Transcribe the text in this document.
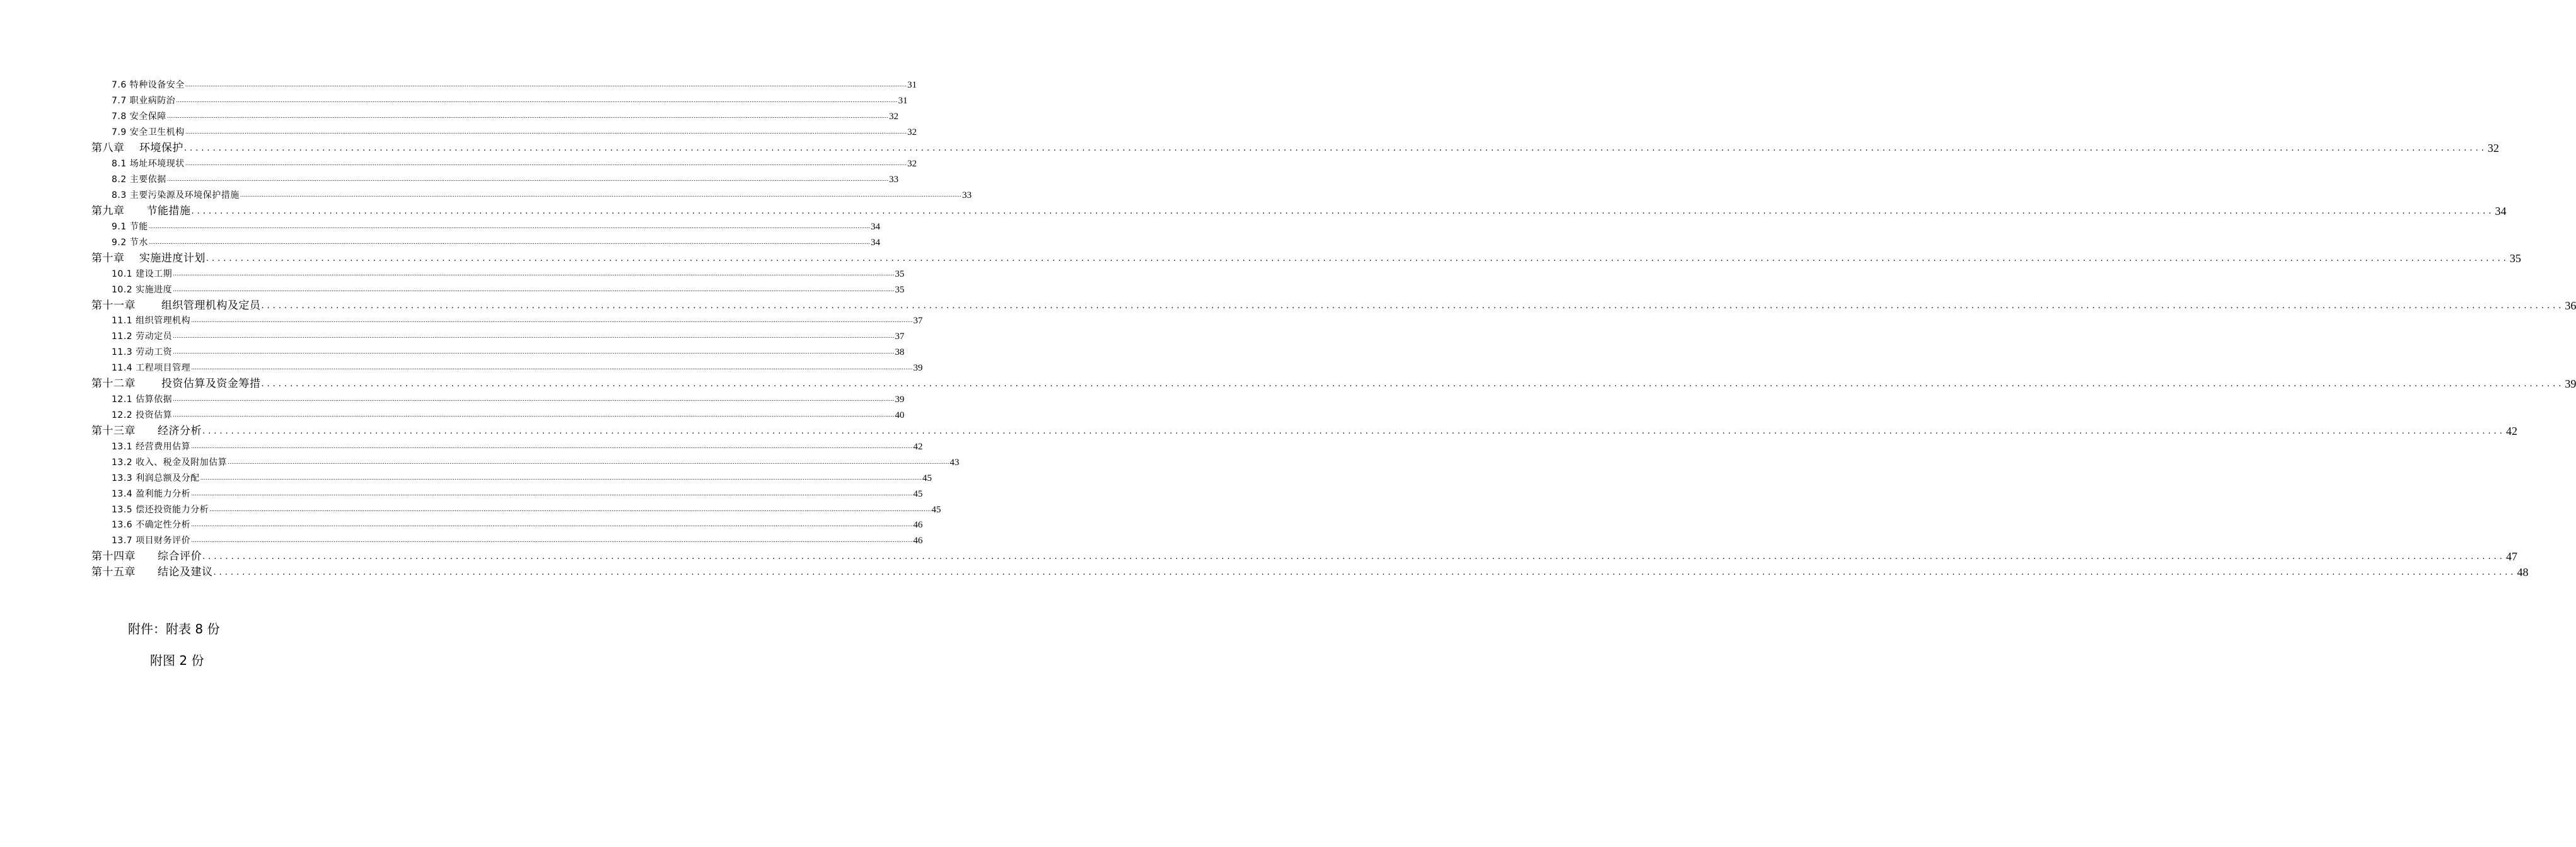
7.6 特种设备安全 ................................................................................................................................................................................................................................................................................................................................................................................................................ 31
7.7 职业病防治 ................................................................................................................................................................................................................................................................................................................................................................................................................ 31
7.8 安全保障 ................................................................................................................................................................................................................................................................................................................................................................................................................ 32
7.9 安全卫生机构 ................................................................................................................................................................................................................................................................................................................................................................................................................ 32
第八章　 环境保护 ................................................................................................................................................................................................................................................................................................................................................................................................................ 32
8.1 场址环境现状 ................................................................................................................................................................................................................................................................................................................................................................................................................ 32
8.2 主要依据 ................................................................................................................................................................................................................................................................................................................................................................................................................ 33
8.3 主要污染源及环境保护措施 ................................................................................................................................................................................................................................................................................................................................................................................................................ 33
第九章　　节能措施 ................................................................................................................................................................................................................................................................................................................................................................................................................ 34
9.1 节能 ................................................................................................................................................................................................................................................................................................................................................................................................................ 34
9.2 节水 ................................................................................................................................................................................................................................................................................................................................................................................................................ 34
第十章　 实施进度计划 ................................................................................................................................................................................................................................................................................................................................................................................................................ 35
10.1 建设工期 ................................................................................................................................................................................................................................................................................................................................................................................................................ 35
10.2 实施进度 ................................................................................................................................................................................................................................................................................................................................................................................................................ 35
第十一章　　 组织管理机构及定员 ................................................................................................................................................................................................................................................................................................................................................................................................................ 36
11.1 组织管理机构 ................................................................................................................................................................................................................................................................................................................................................................................................................ 37
11.2 劳动定员 ................................................................................................................................................................................................................................................................................................................................................................................................................ 37
11.3 劳动工资 ................................................................................................................................................................................................................................................................................................................................................................................................................ 38
11.4 工程项目管理 ................................................................................................................................................................................................................................................................................................................................................................................................................ 39
第十二章　　 投资估算及资金筹措 ................................................................................................................................................................................................................................................................................................................................................................................................................ 39
12.1 估算依据 ................................................................................................................................................................................................................................................................................................................................................................................................................ 39
12.2 投资估算 ................................................................................................................................................................................................................................................................................................................................................................................................................ 40
第十三章　　经济分析 ................................................................................................................................................................................................................................................................................................................................................................................................................ 42
13.1 经营费用估算 ................................................................................................................................................................................................................................................................................................................................................................................................................ 42
13.2 收入、税金及附加估算 ................................................................................................................................................................................................................................................................................................................................................................................................................ 43
13.3 利润总额及分配 ................................................................................................................................................................................................................................................................................................................................................................................................................ 45
13.4 盈利能力分析 ................................................................................................................................................................................................................................................................................................................................................................................................................ 45
13.5 偿还投资能力分析 ................................................................................................................................................................................................................................................................................................................................................................................................................ 45
13.6 不确定性分析 ................................................................................................................................................................................................................................................................................................................................................................................................................ 46
13.7 项目财务评价 ................................................................................................................................................................................................................................................................................................................................................................................................................ 46
第十四章　　综合评价 ................................................................................................................................................................................................................................................................................................................................................................................................................ 47
第十五章　　结论及建议 ................................................................................................................................................................................................................................................................................................................................................................................................................ 48
附件：附表 8 份
附图 2 份
